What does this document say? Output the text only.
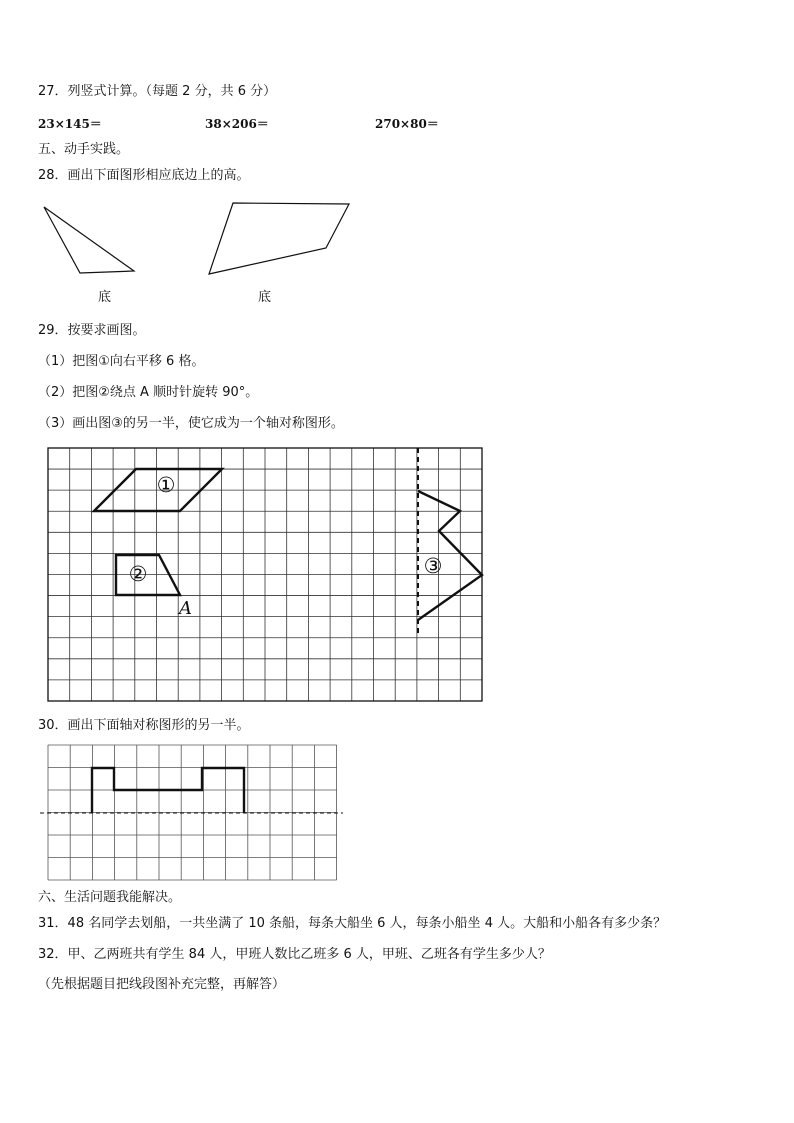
27．列竖式计算。（每题 2 分，共 6 分）
23×145＝	38×206＝	270×80＝
五、动手实践。
28．画出下面图形相应底边上的高。
底	底
29．按要求画图。
（1）把图①向右平移 6 格。
（2）把图②绕点 A 顺时针旋转 90°。
（3）画出图③的另一半，使它成为一个轴对称图形。
①
②	③
A
30．画出下面轴对称图形的另一半。
六、生活问题我能解决。
31．48 名同学去划船，一共坐满了 10 条船，每条大船坐 6 人，每条小船坐 4 人。大船和小船各有多少条？
32．甲、乙两班共有学生 84 人，甲班人数比乙班多 6 人，甲班、乙班各有学生多少人？
（先根据题目把线段图补充完整，再解答）
